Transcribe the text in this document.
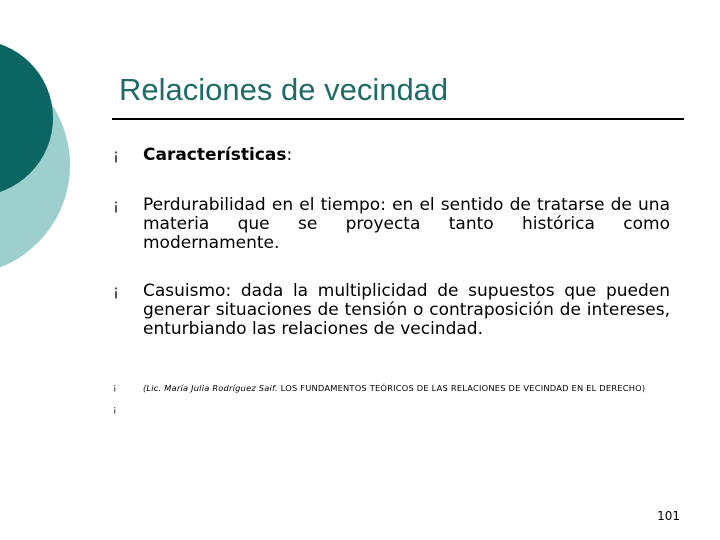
Relaciones de vecindad
¡ Características:
¡ Perdurabilidad en el tiempo: en el sentido de tratarse de una materia que se proyecta tanto histórica como modernamente.
¡ Casuismo: dada la multiplicidad de supuestos que pueden generar situaciones de tensión o contraposición de intereses, enturbiando las relaciones de vecindad.
¡	(Lic. María Julia Rodríguez Saif. LOS FUNDAMENTOS TEÓRICOS DE LAS RELACIONES DE VECINDAD EN EL DERECHO)
¡
101
